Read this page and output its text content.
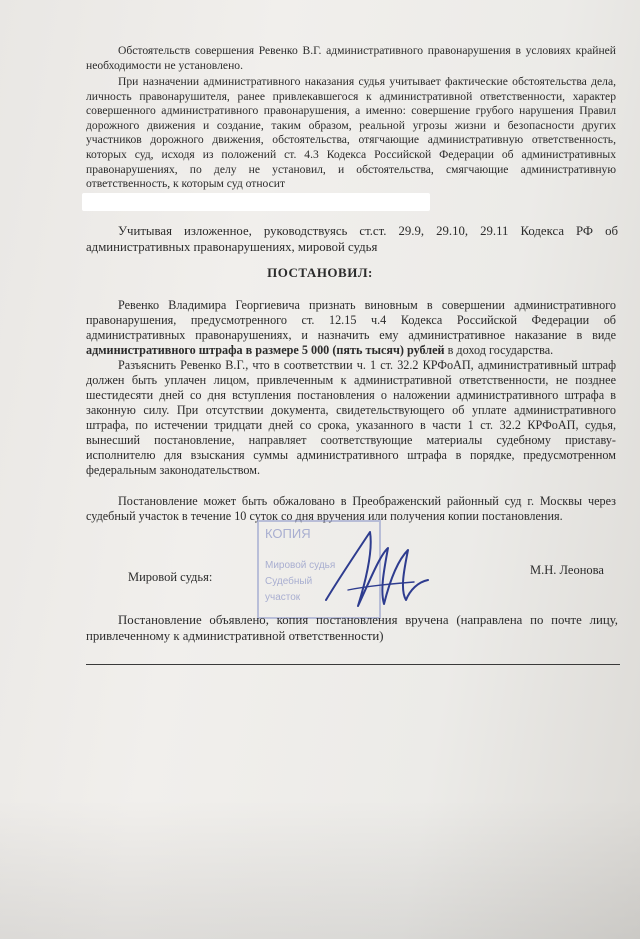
Обстоятельств совершения Ревенко В.Г. административного правонарушения в условиях крайней необходимости не установлено.

При назначении административного наказания судья учитывает фактические обстоятельства дела, личность правонарушителя, ранее привлекавшегося к административной ответственности, характер совершенного административного правонарушения, а именно: совершение грубого нарушения Правил дорожного движения и создание, таким образом, реальной угрозы жизни и безопасности других участников дорожного движения, обстоятельства, отягчающие административную ответственность, которых суд, исходя из положений ст. 4.3 Кодекса Российской Федерации об административных правонарушениях, по делу не установил, и обстоятельства, смягчающие административную ответственность, к которым суд относит

Учитывая изложенное, руководствуясь ст.ст. 29.9, 29.10, 29.11 Кодекса РФ об административных правонарушениях, мировой судья

ПОСТАНОВИЛ:

Ревенко Владимира Георгиевича признать виновным в совершении административного правонарушения, предусмотренного ст. 12.15 ч.4 Кодекса Российской Федерации об административных правонарушениях, и назначить ему административное наказание в виде административного штрафа в размере 5 000 (пять тысяч) рублей в доход государства.

Разъяснить Ревенко В.Г., что в соответствии ч. 1 ст. 32.2 КРФоАП, административный штраф должен быть уплачен лицом, привлеченным к административной ответственности, не позднее шестидесяти дней со дня вступления постановления о наложении административного штрафа в законную силу. При отсутствии документа, свидетельствующего об уплате административного штрафа, по истечении тридцати дней со срока, указанного в части 1 ст. 32.2 КРФоАП, судья, вынесший постановление, направляет соответствующие материалы судебному приставу-исполнителю для взыскания суммы административного штрафа в порядке, предусмотренном федеральным законодательством.

Постановление может быть обжаловано в Преображенский районный суд г. Москвы через судебный участок в течение 10 суток со дня вручения или получения копии постановления.

КОПИЯ
Мировой судья
Судебный
участок
Мировой судья:	М.Н. Леонова

Постановление объявлено, копия постановления вручена (направлена по почте лицу, привлеченному к административной ответственности)
